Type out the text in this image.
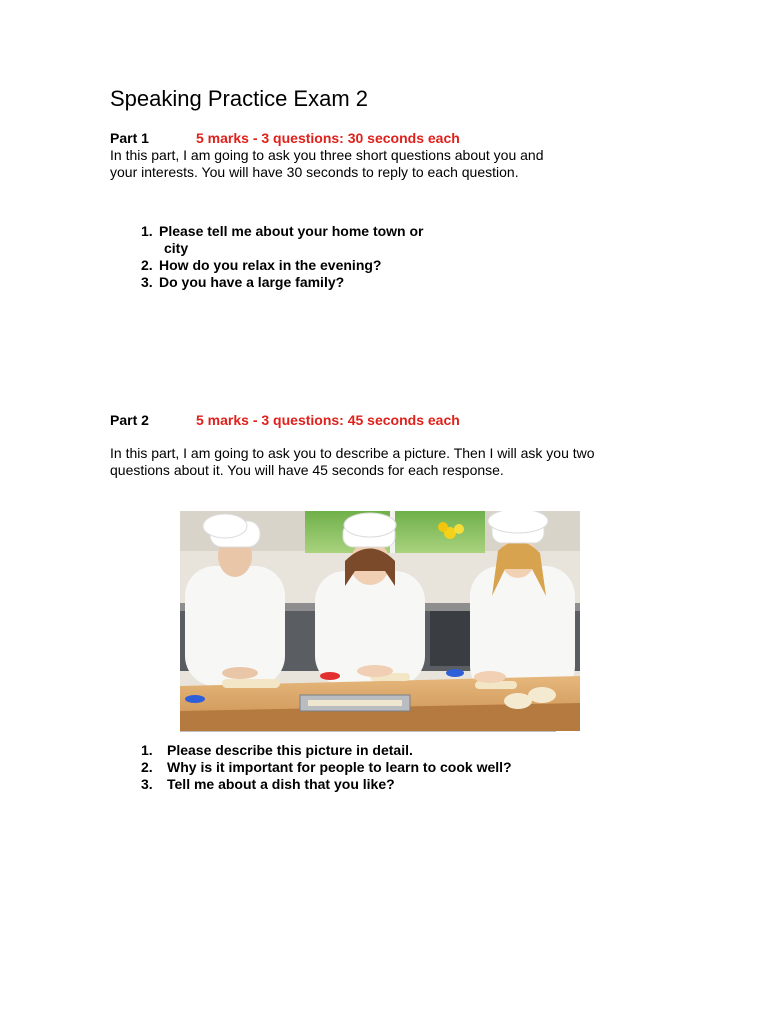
Speaking Practice Exam 2
Part 1	5 marks - 3 questions: 30 seconds each

In this part, I am going to ask you three short questions about you and

your interests. You will have 30 seconds to reply to each question.

1. Please tell me about your home town or
city
2. How do you relax in the evening?
3. Do you have a large family?
Part 2	5 marks - 3 questions: 45 seconds each

In this part, I am going to ask you to describe a picture. Then I will ask you two

questions about it. You will have 45 seconds for each response.

1. Please describe this picture in detail.
2. Why is it important for people to learn to cook well?
3. Tell me about a dish that you like?
